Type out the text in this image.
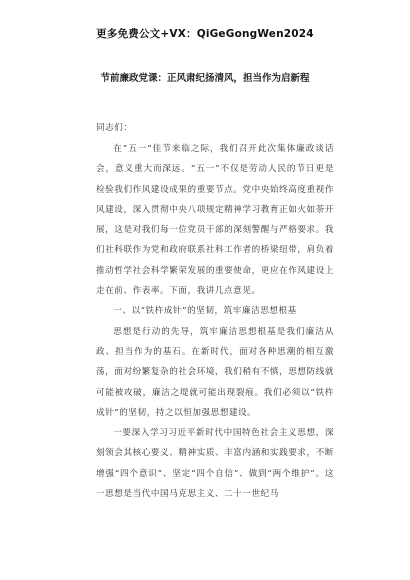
更多免费公文+VX：QiGeGongWen2024
节前廉政党课：正风肃纪扬清风，担当作为启新程
同志们：

在“五一”佳节来临之际，我们召开此次集体廉政谈话会，意义重大而深远。“五一”不仅是劳动人民的节日更是检验我们作风建设成果的重要节点。党中央始终高度重视作风建设，深入贯彻中央八项规定精神学习教育正如火如荼开展，这是对我们每一位党员干部的深刻警醒与严格要求。我们社科联作为党和政府联系社科工作者的桥梁纽带，肩负着推动哲学社会科学繁荣发展的重要使命，更应在作风建设上走在前、作表率。下面，我讲几点意见。

一、以“铁杵成针”的坚韧，筑牢廉洁思想根基

思想是行动的先导，筑牢廉洁思想根基是我们廉洁从政、担当作为的基石。在新时代，面对各种思潮的相互激荡，面对纷繁复杂的社会环境，我们稍有不慎，思想防线就可能被攻破，廉洁之堤就可能出现裂痕。我们必须以“铁杵成针”的坚韧，持之以恒加强思想建设。

一要深入学习习近平新时代中国特色社会主义思想，深刻领会其核心要义、精神实质、丰富内涵和实践要求，不断增强“四个意识”、坚定“四个自信”、做到“两个维护”。这一思想是当代中国马克思主义、二十一世纪马
